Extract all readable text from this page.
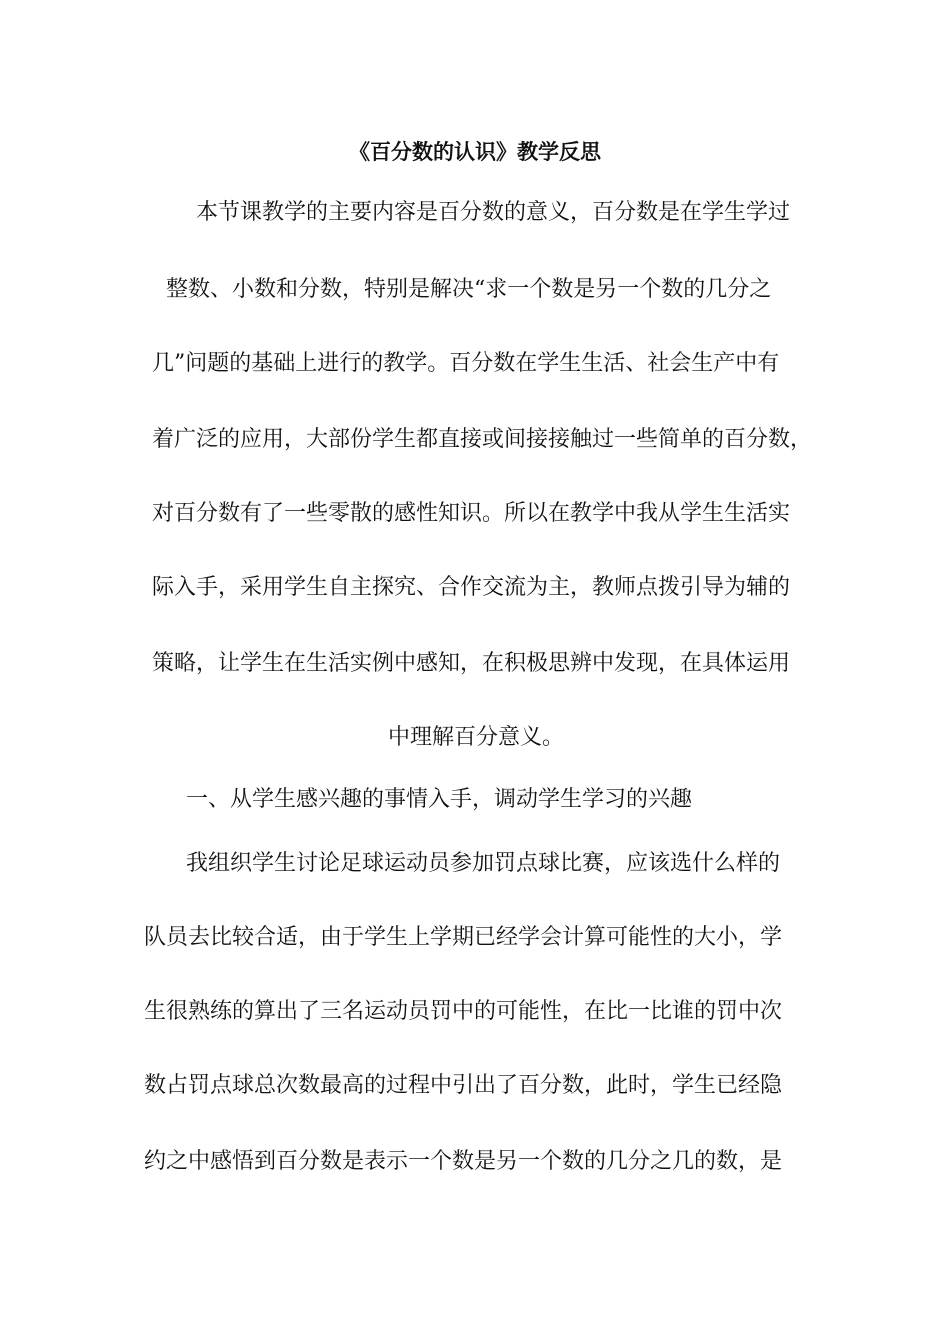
《百分数的认识》教学反思
本节课教学的主要内容是百分数的意义，百分数是在学生学过
整数、小数和分数，特别是解决“求一个数是另一个数的几分之
几”问题的基础上进行的教学。百分数在学生生活、社会生产中有
着广泛的应用，大部份学生都直接或间接接触过一些简单的百分数，
对百分数有了一些零散的感性知识。所以在教学中我从学生生活实
际入手，采用学生自主探究、合作交流为主，教师点拨引导为辅的
策略，让学生在生活实例中感知，在积极思辨中发现，在具体运用
中理解百分意义。
一、从学生感兴趣的事情入手，调动学生学习的兴趣
我组织学生讨论足球运动员参加罚点球比赛，应该选什么样的
队员去比较合适，由于学生上学期已经学会计算可能性的大小，学
生很熟练的算出了三名运动员罚中的可能性，在比一比谁的罚中次
数占罚点球总次数最高的过程中引出了百分数，此时，学生已经隐
约之中感悟到百分数是表示一个数是另一个数的几分之几的数，是
